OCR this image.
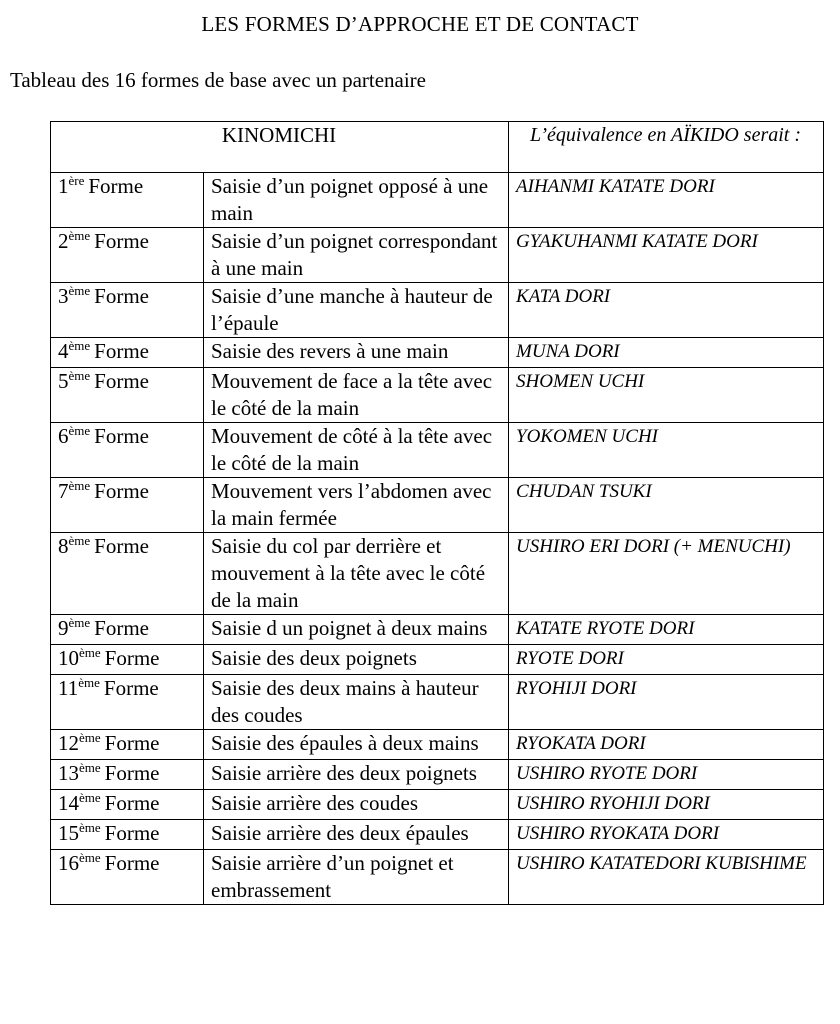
LES FORMES D’APPROCHE ET DE CONTACT
Tableau des 16 formes de base avec un partenaire
KINOMICHI		L’équivalence en AÏKIDO serait :
1ère Forme	Saisie d’un poignet opposé à une main	AIHANMI KATATE DORI
2ème Forme	Saisie d’un poignet correspondant à une main	GYAKUHANMI KATATE DORI
3ème Forme	Saisie d’une manche à hauteur de l’épaule	KATA DORI
4ème Forme	Saisie des revers à une main	MUNA DORI
5ème Forme	Mouvement de face a la tête avec le côté de la main	SHOMEN UCHI
6ème Forme	Mouvement de côté à la tête avec le côté de la main	YOKOMEN UCHI
7ème Forme	Mouvement vers l’abdomen avec la main fermée	CHUDAN TSUKI
8ème Forme	Saisie du col par derrière et mouvement à la tête avec le côté de la main	USHIRO ERI DORI (+ MENUCHI)
9ème Forme	Saisie d un poignet à deux mains	KATATE RYOTE DORI
10ème Forme	Saisie des deux poignets	RYOTE DORI
11ème Forme	Saisie des deux mains à hauteur des coudes	RYOHIJI DORI
12ème Forme	Saisie des épaules à deux mains	RYOKATA DORI
13ème Forme	Saisie arrière des deux poignets	USHIRO RYOTE DORI
14ème Forme	Saisie arrière des coudes	USHIRO RYOHIJI DORI
15ème Forme	Saisie arrière des deux épaules	USHIRO RYOKATA DORI
16ème Forme	Saisie arrière d’un poignet et embrassement	USHIRO KATATEDORI KUBISHIME
